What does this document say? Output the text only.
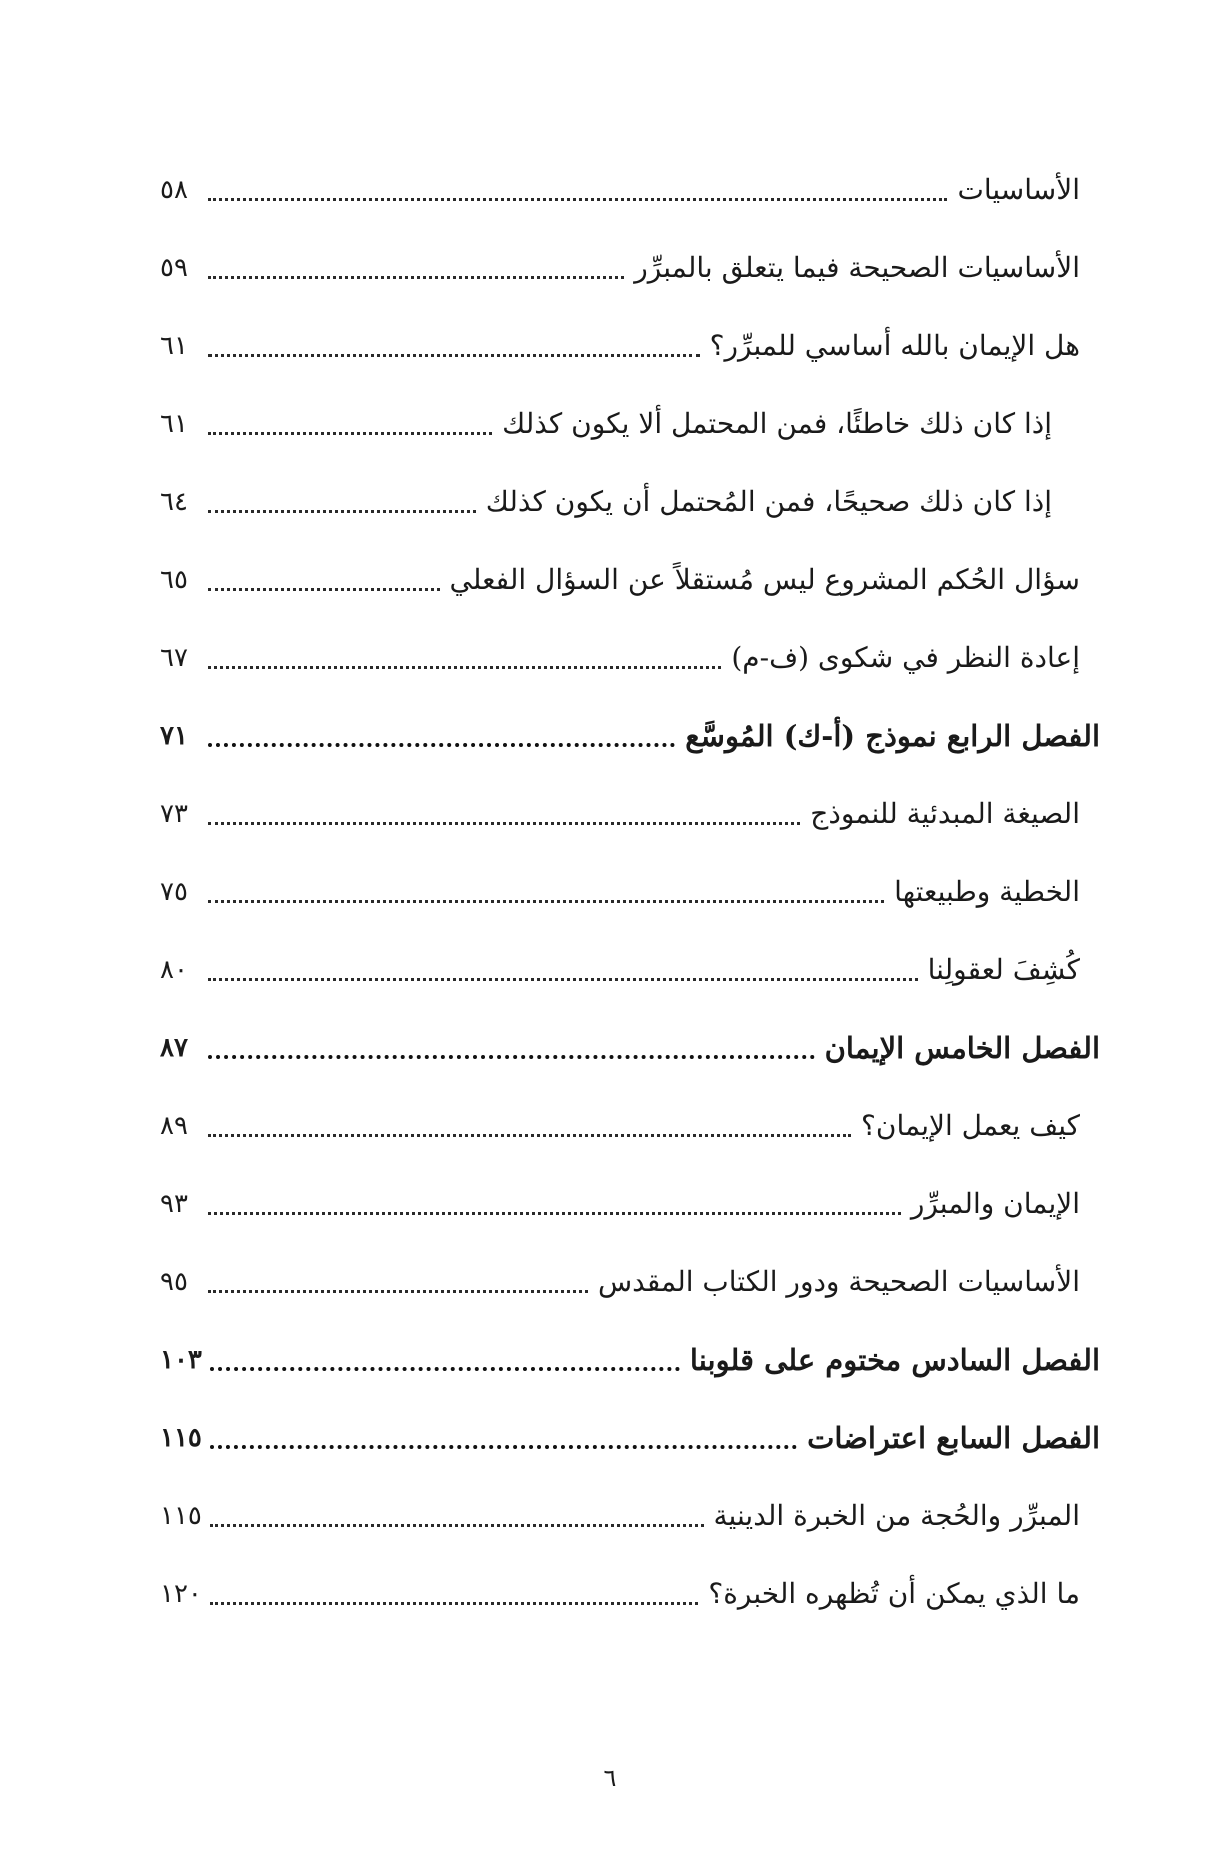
الأساسيات
٥٨
الأساسيات الصحيحة فيما يتعلق بالمبرِّر
٥٩
هل الإيمان بالله أساسي للمبرِّر؟
٦١
إذا كان ذلك خاطئًا، فمن المحتمل ألا يكون كذلك
٦١
إذا كان ذلك صحيحًا، فمن المُحتمل أن يكون كذلك
٦٤
سؤال الحُكم المشروع ليس مُستقلاً عن السؤال الفعلي
٦٥
إعادة النظر في شكوى (ف-م)
٦٧
الفصل الرابع نموذج (أ-ك) المُوسَّع
٧١
الصيغة المبدئية للنموذج
٧٣
الخطية وطبيعتها
٧٥
كُشِفَ لعقولِنا
٨٠
الفصل الخامس الإيمان
٨٧
كيف يعمل الإيمان؟
٨٩
الإيمان والمبرِّر
٩٣
الأساسيات الصحيحة ودور الكتاب المقدس
٩٥
الفصل السادس مختوم على قلوبنا
١٠٣
الفصل السابع اعتراضات
١١٥
المبرِّر والحُجة من الخبرة الدينية
١١٥
ما الذي يمكن أن تُظهره الخبرة؟
١٢٠
٦
